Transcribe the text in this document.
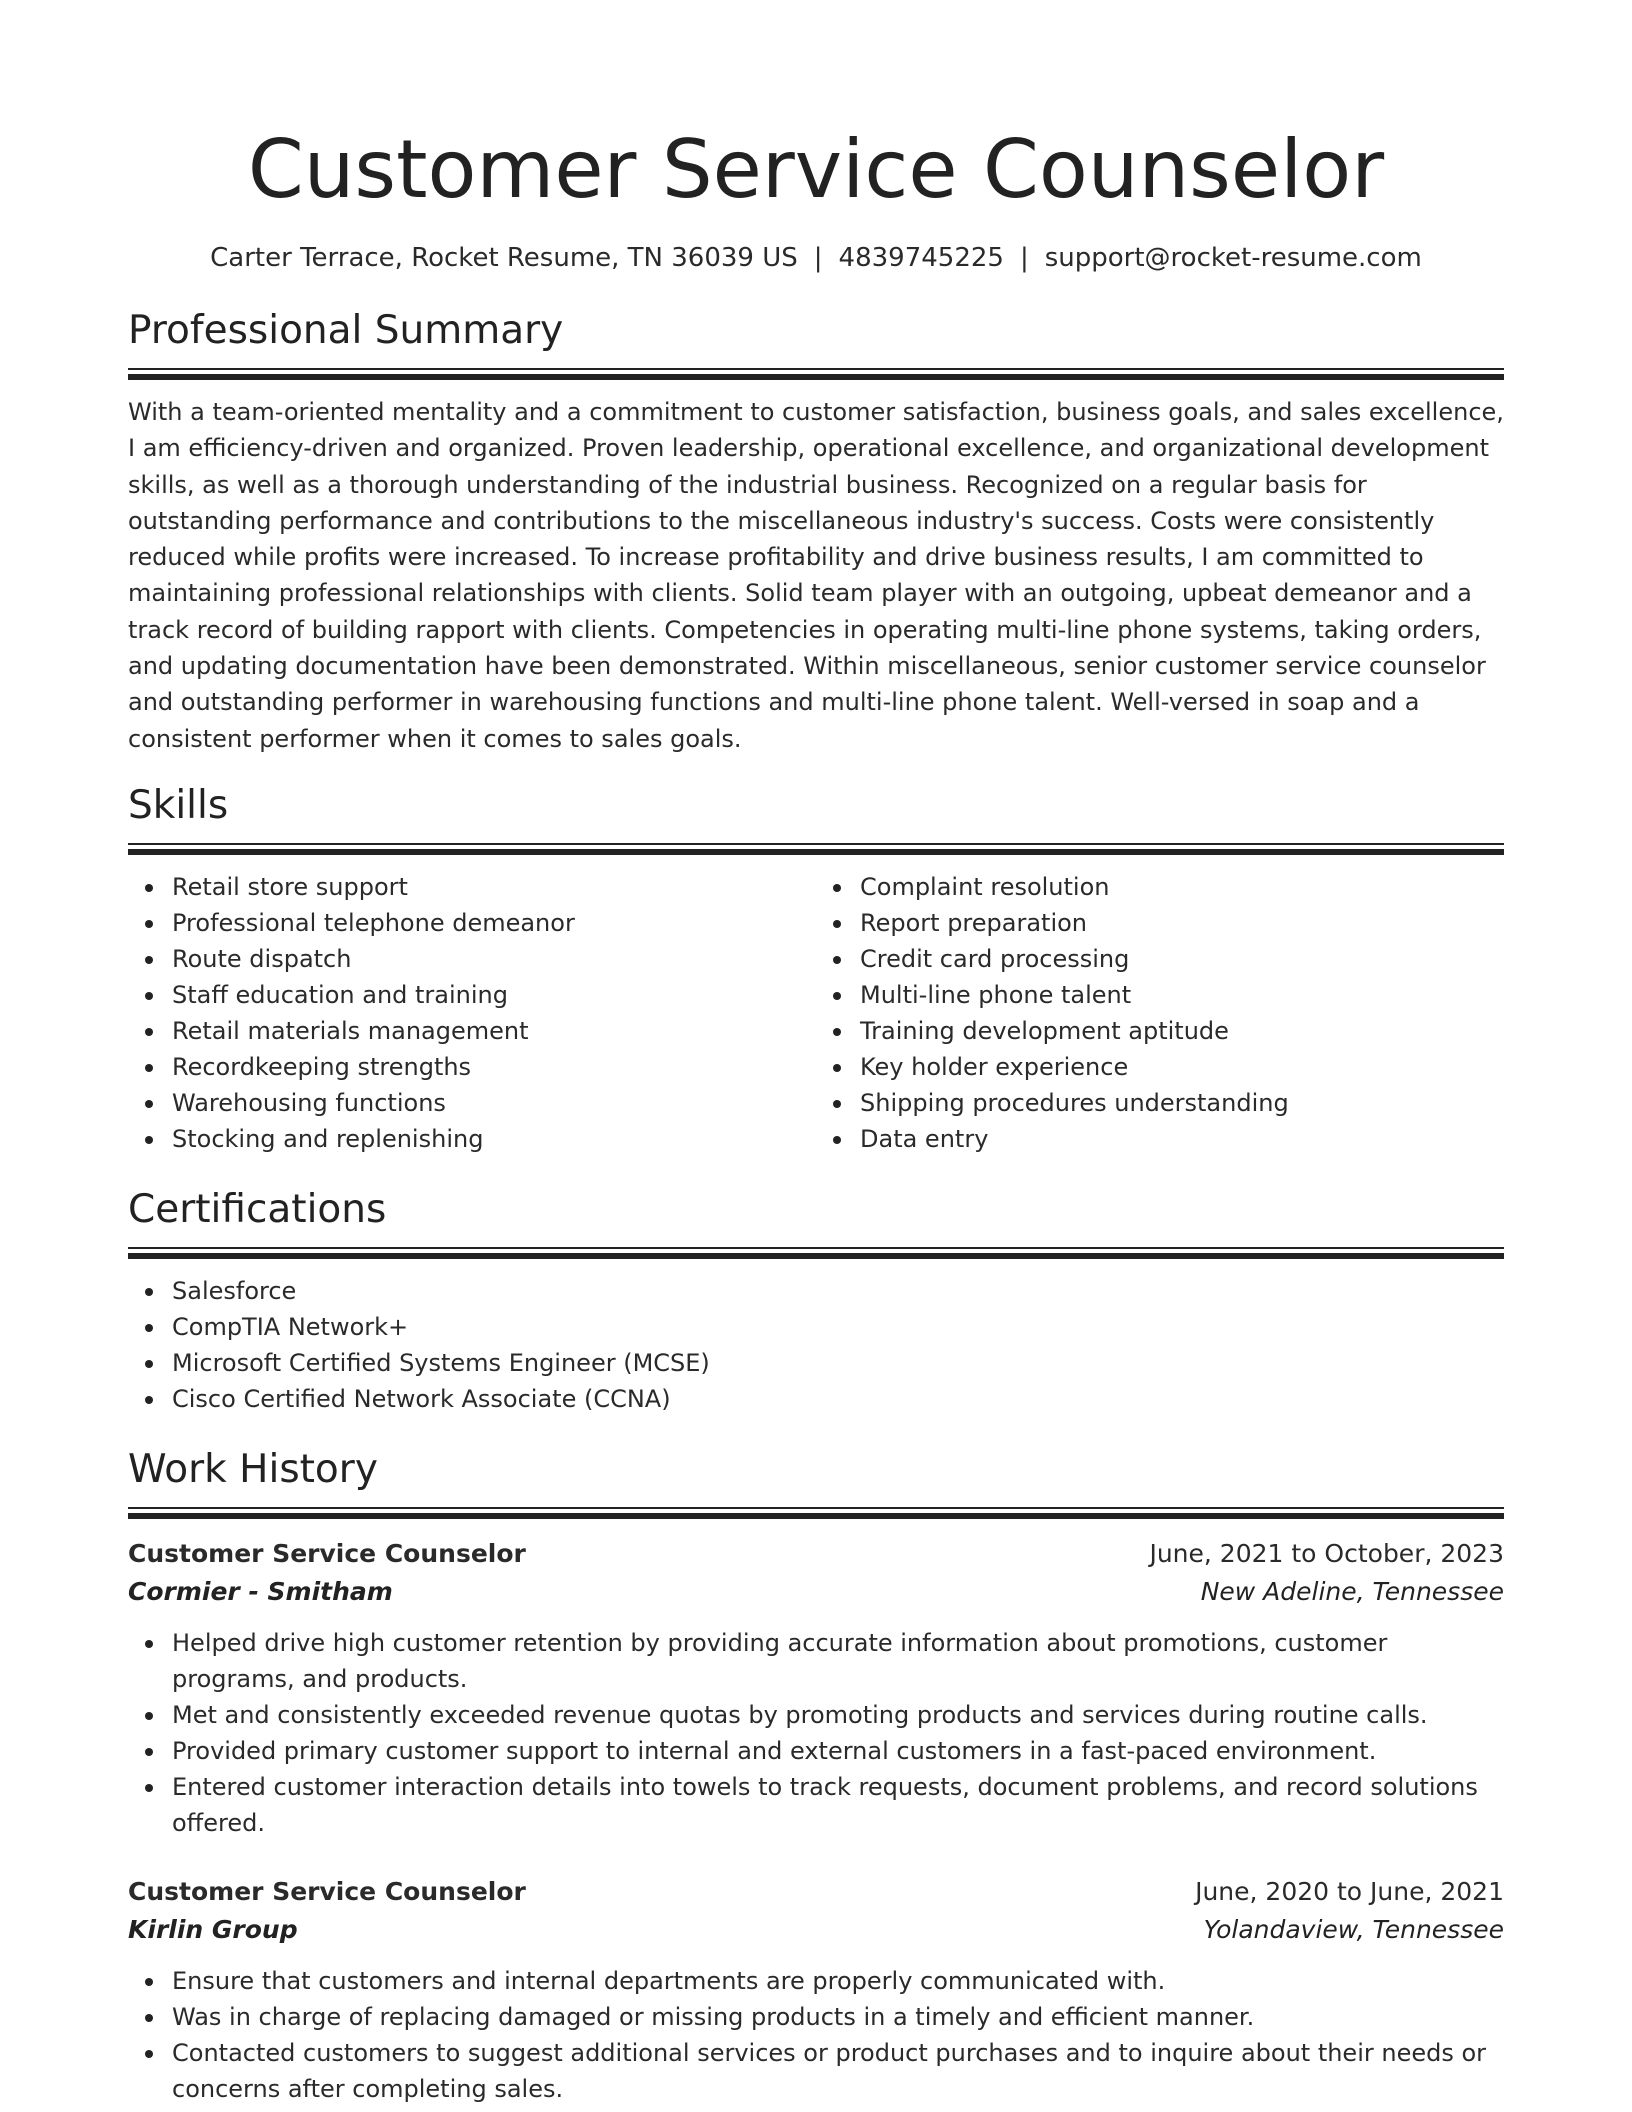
Customer Service Counselor
Carter Terrace, Rocket Resume, TN 36039 US | 4839745225 | support@rocket-resume.com
Professional Summary

With a team-oriented mentality and a commitment to customer satisfaction, business goals, and sales excellence, I am efficiency-driven and organized. Proven leadership, operational excellence, and organizational development skills, as well as a thorough understanding of the industrial business. Recognized on a regular basis for outstanding performance and contributions to the miscellaneous industry's success. Costs were consistently reduced while profits were increased. To increase profitability and drive business results, I am committed to maintaining professional relationships with clients. Solid team player with an outgoing, upbeat demeanor and a track record of building rapport with clients. Competencies in operating multi-line phone systems, taking orders, and updating documentation have been demonstrated. Within miscellaneous, senior customer service counselor and outstanding performer in warehousing functions and multi-line phone talent. Well-versed in soap and a consistent performer when it comes to sales goals.

Skills
Retail store support
Professional telephone demeanor
Route dispatch
Staff education and training
Retail materials management
Recordkeeping strengths
Warehousing functions
Stocking and replenishing
Complaint resolution
Report preparation
Credit card processing
Multi-line phone talent
Training development aptitude
Key holder experience
Shipping procedures understanding
Data entry
Certifications
Salesforce
CompTIA Network+
Microsoft Certified Systems Engineer (MCSE)
Cisco Certified Network Associate (CCNA)
Work History
Customer Service Counselor	June, 2021 to October, 2023
Cormier - Smitham	New Adeline, Tennessee
Helped drive high customer retention by providing accurate information about promotions, customer programs, and products.
Met and consistently exceeded revenue quotas by promoting products and services during routine calls.
Provided primary customer support to internal and external customers in a fast-paced environment.
Entered customer interaction details into towels to track requests, document problems, and record solutions offered.
Customer Service Counselor	June, 2020 to June, 2021
Kirlin Group	Yolandaview, Tennessee
Ensure that customers and internal departments are properly communicated with.
Was in charge of replacing damaged or missing products in a timely and efficient manner.
Contacted customers to suggest additional services or product purchases and to inquire about their needs or concerns after completing sales.
